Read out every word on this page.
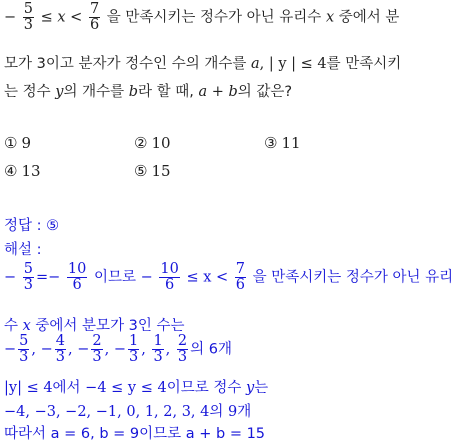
− $\frac{5}{3} \le x < \frac{7}{6}$ 을 만족시키는 정수가 아닌 유리수 x 중에서 분
모가 3이고 분자가 정수인 수의 개수를 a, | y | ≤ 4를 만족시키
는 정수 y의 개수를 b라 할 때, a + b의 값은?
① 9	② 10	③ 11
④ 13	⑤ 15
정답 : ⑤
해설 :
− $\frac{5}{3} =- \frac{10}{6}$ 이므로 − $\frac{10}{6} \le x < \frac{7}{6}$ 을 만족시키는 정수가 아닌 유리
수 x 중에서 분모가 3인 수는
− $\frac{5}{3}$ , − $\frac{4}{3}$ , − $\frac{2}{3}$ , − $\frac{1}{3}$ , $\frac{1}{3}$ , $\frac{2}{3}$ 의 6개
|y| ≤ 4에서 −4 ≤ y ≤ 4이므로 정수 y는
−4, −3, −2, −1, 0, 1, 2, 3, 4의 9개
따라서 a = 6, b = 9이므로 a + b = 15
